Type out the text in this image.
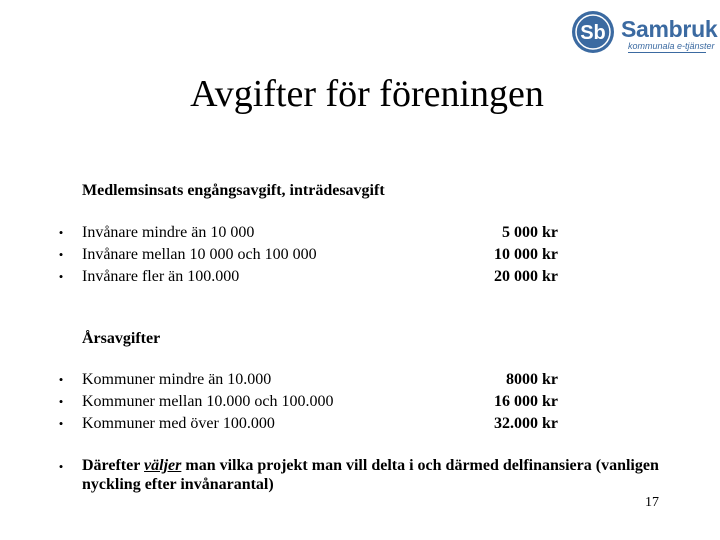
Sb Sambruk
kommunala e-tjänster
Avgifter för föreningen
Medlemsinsats engångsavgift, inträdesavgift
• Invånare mindre än 10 000	5 000 kr
• Invånare mellan 10 000 och 100 000	10 000 kr
• Invånare fler än 100.000	20 000 kr
Årsavgifter
• Kommuner mindre än 10.000	8000 kr
• Kommuner mellan 10.000 och 100.000	16 000 kr
• Kommuner med över 100.000	32.000 kr
• Därefter väljer man vilka projekt man vill delta i och därmed delfinansiera (vanligen nyckling efter invånarantal)
17
